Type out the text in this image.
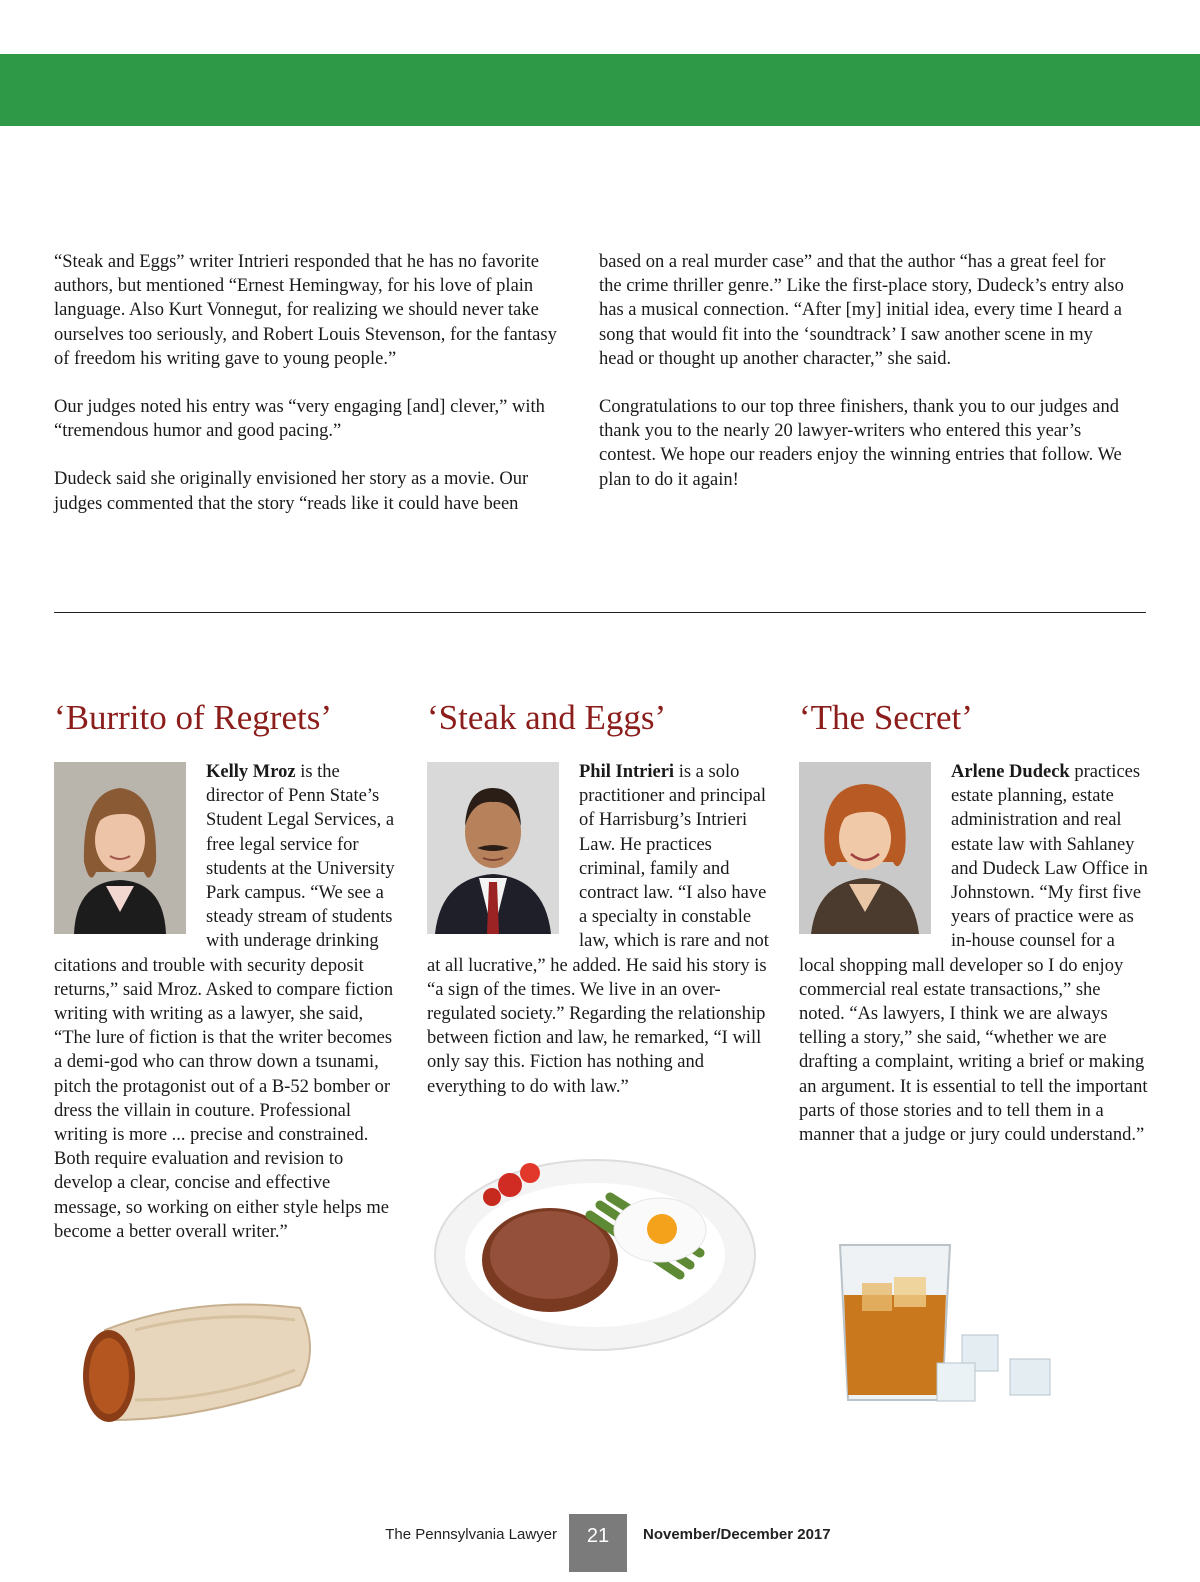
“Steak and Eggs” writer Intrieri responded that he has no favorite authors, but mentioned “Ernest Hemingway, for his love of plain language. Also Kurt Vonnegut, for realizing we should never take ourselves too seriously, and Robert Louis Stevenson, for the fantasy of freedom his writing gave to young people.”

Our judges noted his entry was “very engaging [and] clever,” with “tremendous humor and good pacing.”

Dudeck said she originally envisioned her story as a movie. Our judges commented that the story “reads like it could have been

based on a real murder case” and that the author “has a great feel for the crime thriller genre.” Like the first-place story, Dudeck’s entry also has a musical connection. “After [my] initial idea, every time I heard a song that would fit into the ‘soundtrack’ I saw another scene in my head or thought up another character,” she said.

Congratulations to our top three finishers, thank you to our judges and thank you to the nearly 20 lawyer-writers who entered this year’s contest. We hope our readers enjoy the winning entries that follow. We plan to do it again!

‘Burrito of Regrets’

Kelly Mroz is the director of Penn State’s Student Legal Services, a free legal service for students at the University Park campus. “We see a steady stream of students with underage drinking citations and trouble with security deposit returns,” said Mroz. Asked to compare fiction writing with writing as a lawyer, she said, “The lure of fiction is that the writer becomes a demi-god who can throw down a tsunami, pitch the protagonist out of a B-52 bomber or dress the villain in couture. Professional writing is more ... precise and constrained. Both require evaluation and revision to develop a clear, concise and effective message, so working on either style helps me become a better overall writer.”

‘Steak and Eggs’

Phil Intrieri is a solo practitioner and principal of Harrisburg’s Intrieri Law. He practices criminal, family and contract law. “I also have a specialty in constable law, which is rare and not at all lucrative,” he added. He said his story is “a sign of the times. We live in an over-regulated society.” Regarding the relationship between fiction and law, he remarked, “I will only say this. Fiction has nothing and everything to do with law.”

‘The Secret’

Arlene Dudeck practices estate planning, estate administration and real estate law with Sahlaney and Dudeck Law Office in Johnstown. “My first five years of practice were as in-house counsel for a local shopping mall developer so I do enjoy commercial real estate transactions,” she noted. “As lawyers, I think we are always telling a story,” she said, “whether we are drafting a complaint, writing a brief or making an argument. It is essential to tell the important parts of those stories and to tell them in a manner that a judge or jury could understand.”

The Pennsylvania Lawyer	21	November/December 2017
